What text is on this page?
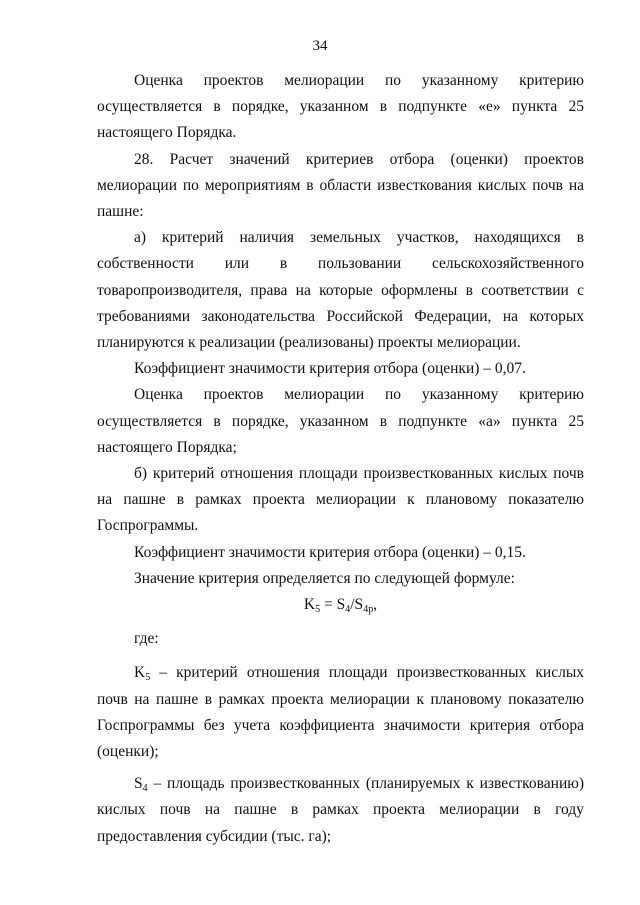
34

Оценка проектов мелиорации по указанному критерию осуществляется в порядке, указанном в подпункте «е» пункта 25 настоящего Порядка.

28. Расчет значений критериев отбора (оценки) проектов мелиорации по мероприятиям в области известкования кислых почв на пашне:

а) критерий наличия земельных участков, находящихся в собственности или в пользовании сельскохозяйственного товаропроизводителя, права на которые оформлены в соответствии с требованиями законодательства Российской Федерации, на которых планируются к реализации (реализованы) проекты мелиорации.

Коэффициент значимости критерия отбора (оценки) – 0,07.

Оценка проектов мелиорации по указанному критерию осуществляется в порядке, указанном в подпункте «а» пункта 25 настоящего Порядка;

б) критерий отношения площади произвесткованных кислых почв на пашне в рамках проекта мелиорации к плановому показателю Госпрограммы.

Коэффициент значимости критерия отбора (оценки) – 0,15.

Значение критерия определяется по следующей формуле:

$K_5 = S_4/S_{4р}$,

где:

$K_5$ – критерий отношения площади произвесткованных кислых почв на пашне в рамках проекта мелиорации к плановому показателю Госпрограммы без учета коэффициента значимости критерия отбора (оценки);

$S_4$ – площадь произвесткованных (планируемых к известкованию) кислых почв на пашне в рамках проекта мелиорации в году предоставления субсидии (тыс. га);
